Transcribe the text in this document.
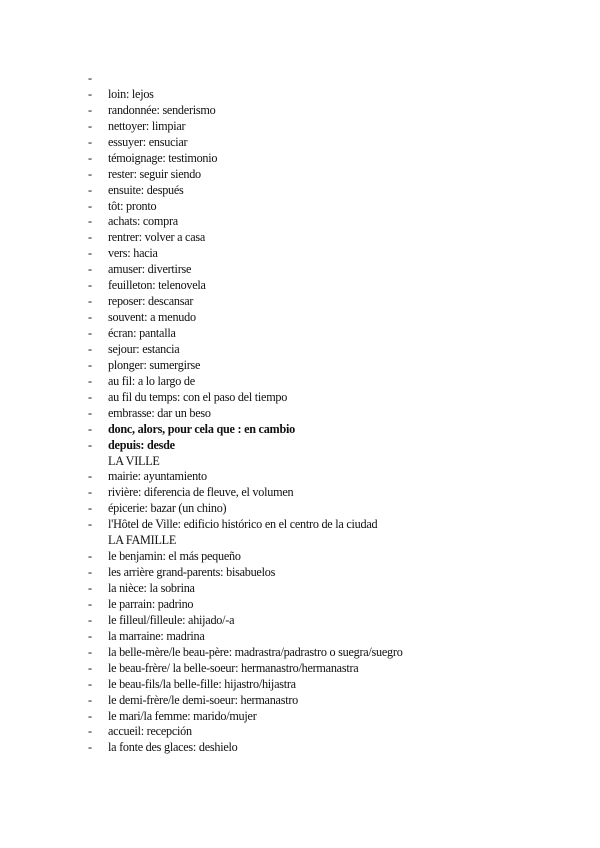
-
-	loin: lejos
-	randonnée: senderismo
-	nettoyer: limpiar
-	essuyer: ensuciar
-	témoignage: testimonio
-	rester: seguir siendo
-	ensuite: después
-	tôt: pronto
-	achats: compra
-	rentrer: volver a casa
-	vers: hacia
-	amuser: divertirse
-	feuilleton: telenovela
-	reposer: descansar
-	souvent: a menudo
-	écran: pantalla
-	sejour: estancia
-	plonger: sumergirse
-	au fil: a lo largo de
-	au fil du temps: con el paso del tiempo
-	embrasse: dar un beso
-	donc, alors, pour cela que : en cambio
-	depuis: desde
LA VILLE
-	mairie: ayuntamiento
-	rivière: diferencia de fleuve, el volumen
-	épicerie: bazar (un chino)
-	l'Hôtel de Ville: edificio histórico en el centro de la ciudad
LA FAMILLE
-	le benjamin: el más pequeño
-	les arrière grand-parents: bisabuelos
-	la nièce: la sobrina
-	le parrain: padrino
-	le filleul/filleule: ahijado/-a
-	la marraine: madrina
-	la belle-mère/le beau-père: madrastra/padrastro o suegra/suegro
-	le beau-frère/ la belle-soeur: hermanastro/hermanastra
-	le beau-fils/la belle-fille: hijastro/hijastra
-	le demi-frère/le demi-soeur: hermanastro
-	le mari/la femme: marido/mujer
-	accueil: recepción
-	la fonte des glaces: deshielo
